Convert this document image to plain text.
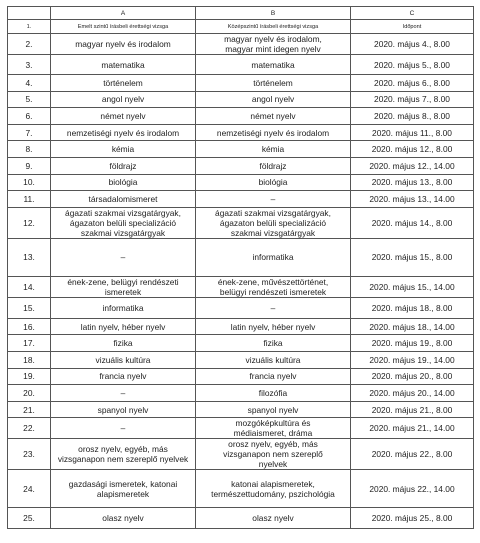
	A	B	C
1.	Emelt szintű írásbeli érettségi vizsga	Középszintű írásbeli érettségi vizsga	Időpont
2.	magyar nyelv és irodalom	magyar nyelv és irodalom,
magyar mint idegen nyelv	2020. május 4., 8.00
3.	matematika	matematika	2020. május 5., 8.00
4.	történelem	történelem	2020. május 6., 8.00
5.	angol nyelv	angol nyelv	2020. május 7., 8.00
6.	német nyelv	német nyelv	2020. május 8., 8.00
7.	nemzetiségi nyelv és irodalom	nemzetiségi nyelv és irodalom	2020. május 11., 8.00
8.	kémia	kémia	2020. május 12., 8.00
9.	földrajz	földrajz	2020. május 12., 14.00
10.	biológia	biológia	2020. május 13., 8.00
11.	társadalomismeret	–	2020. május 13., 14.00
12.	ágazati szakmai vizsgatárgyak,
ágazaton belüli specializáció
szakmai vizsgatárgyak	ágazati szakmai vizsgatárgyak,
ágazaton belüli specializáció
szakmai vizsgatárgyak	2020. május 14., 8.00
13.	–	informatika	2020. május 15., 8.00
14.	ének-zene, belügyi rendészeti
ismeretek	ének-zene, művészettörténet,
belügyi rendészeti ismeretek	2020. május 15., 14.00
15.	informatika	–	2020. május 18., 8.00
16.	latin nyelv, héber nyelv	latin nyelv, héber nyelv	2020. május 18., 14.00
17.	fizika	fizika	2020. május 19., 8.00
18.	vizuális kultúra	vizuális kultúra	2020. május 19., 14.00
19.	francia nyelv	francia nyelv	2020. május 20., 8.00
20.	–	filozófia	2020. május 20., 14.00
21.	spanyol nyelv	spanyol nyelv	2020. május 21., 8.00
22.	–	mozgóképkultúra és
médiaismeret, dráma	2020. május 21., 14.00
23.	orosz nyelv, egyéb, más
vizsganapon nem szereplő nyelvek	orosz nyelv, egyéb, más
vizsganapon nem szereplő
nyelvek	2020. május 22., 8.00
24.	gazdasági ismeretek, katonai
alapismeretek	katonai alapismeretek,
természettudomány, pszichológia	2020. május 22., 14.00
25.	olasz nyelv	olasz nyelv	2020. május 25., 8.00
